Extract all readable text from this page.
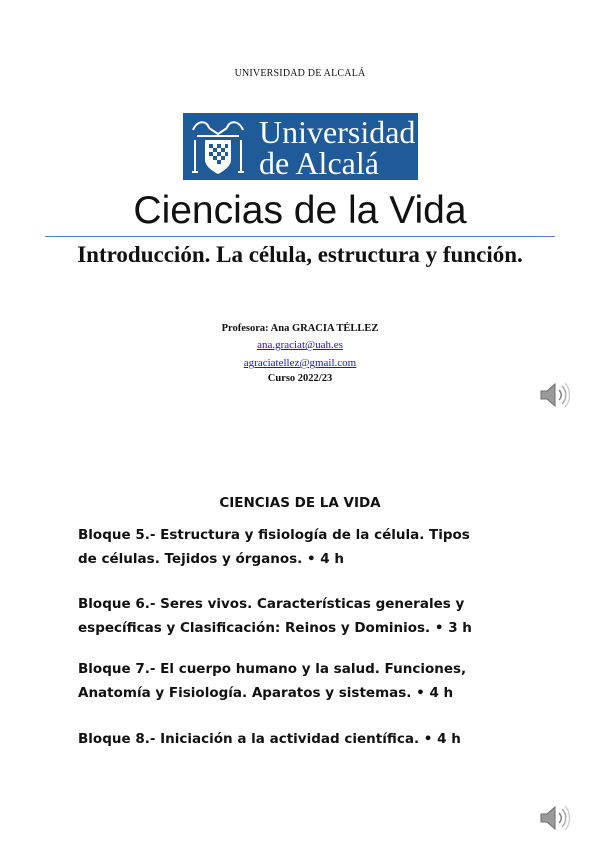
UNIVERSIDAD DE ALCALÁ
Universidad
de Alcalá
Ciencias de la Vida
Introducción. La célula, estructura y función.
Profesora: Ana GRACIA TÉLLEZ
ana.graciat@uah.es
agraciatellez@gmail.com
Curso 2022/23
CIENCIAS DE LA VIDA
Bloque 5.- Estructura y fisiología de la célula. Tipos
de células. Tejidos y órganos. • 4 h
Bloque 6.- Seres vivos. Características generales y
específicas y Clasificación: Reinos y Dominios. • 3 h
Bloque 7.- El cuerpo humano y la salud. Funciones,
Anatomía y Fisiología. Aparatos y sistemas. • 4 h
Bloque 8.- Iniciación a la actividad científica. • 4 h
